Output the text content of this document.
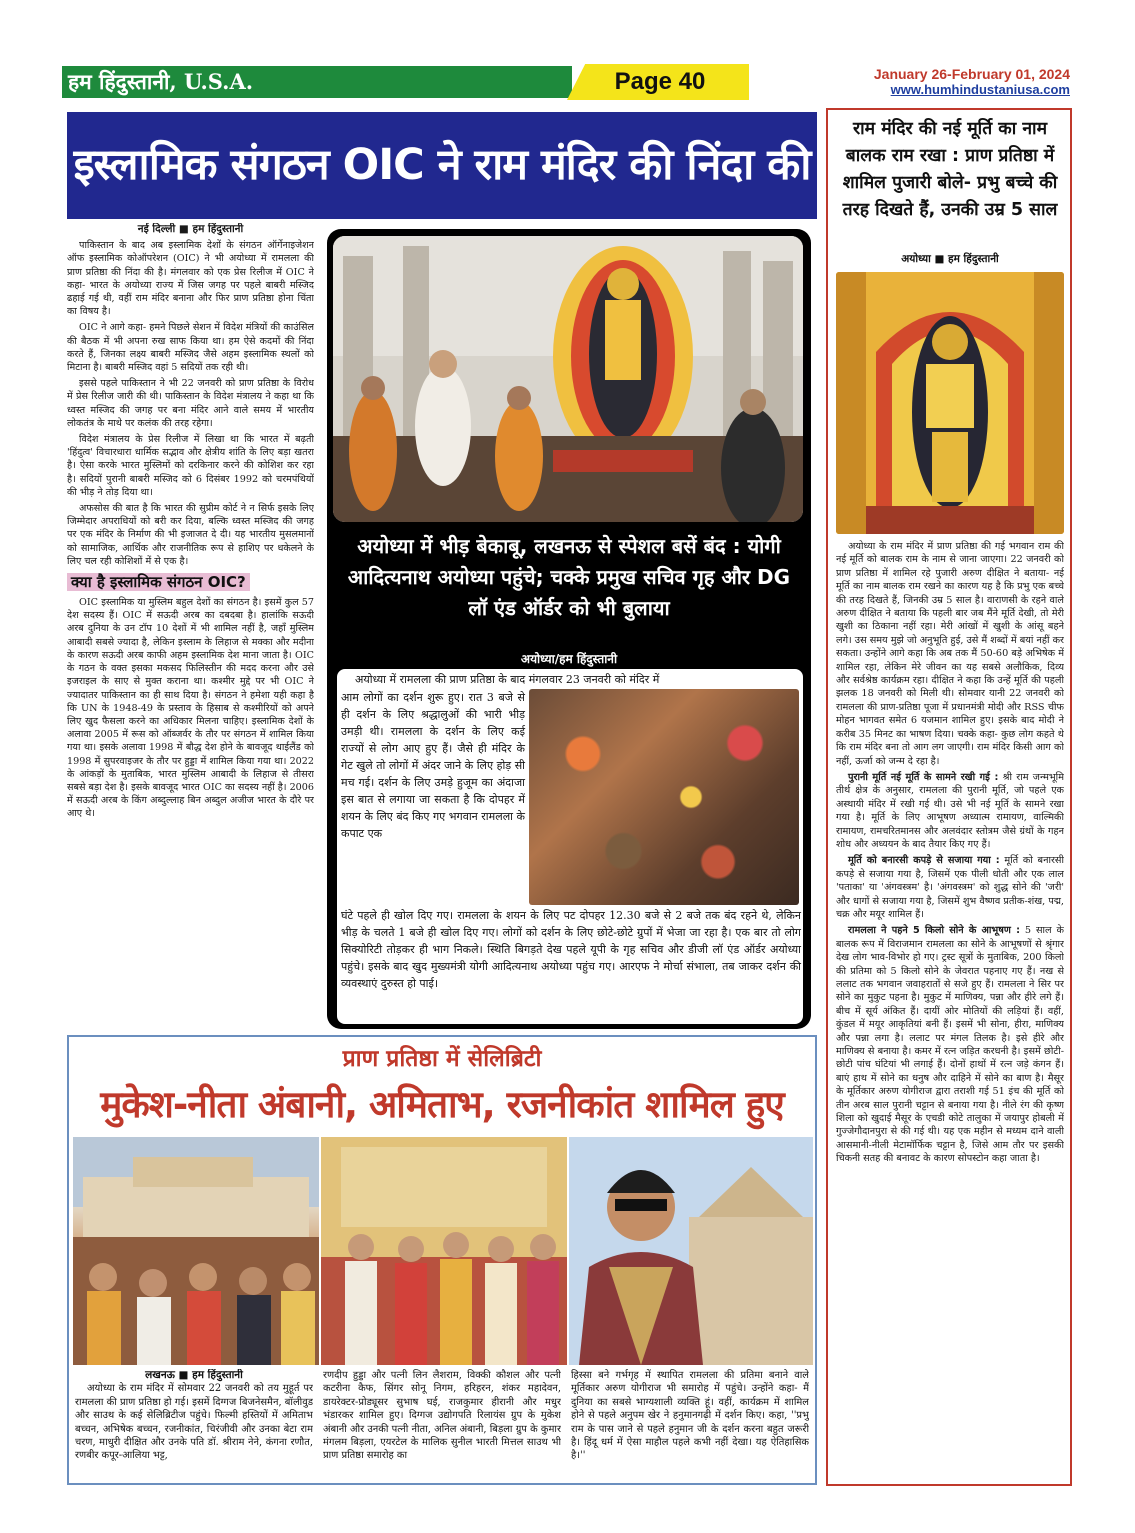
हम हिंदुस्तानी, U.S.A.	Page 40	January 26-February 01, 2024
www.humhindustaniusa.com
इस्लामिक संगठन OIC ने राम मंदिर की निंदा की

नई दिल्ली ■ हम हिंदुस्तानी

पाकिस्तान के बाद अब इस्लामिक देशों के संगठन ऑर्गेनाइजेशन ऑफ इस्लामिक कोऑपरेशन (OIC) ने भी अयोध्या में रामलला की प्राण प्रतिष्ठा की निंदा की है। मंगलवार को एक प्रेस रिलीज में OIC ने कहा- भारत के अयोध्या राज्य में जिस जगह पर पहले बाबरी मस्जिद ढहाई गई थी, वहीं राम मंदिर बनाना और फिर प्राण प्रतिष्ठा होना चिंता का विषय है।

OIC ने आगे कहा- हमने पिछले सेशन में विदेश मंत्रियों की काउंसिल की बैठक में भी अपना रुख साफ किया था। हम ऐसे कदमों की निंदा करते हैं, जिनका लक्ष्य बाबरी मस्जिद जैसे अहम इस्लामिक स्थलों को मिटाना है। बाबरी मस्जिद वहां 5 सदियों तक रही थी।

इससे पहले पाकिस्तान ने भी 22 जनवरी को प्राण प्रतिष्ठा के विरोध में प्रेस रिलीज जारी की थी। पाकिस्तान के विदेश मंत्रालय ने कहा था कि ध्वस्त मस्जिद की जगह पर बना मंदिर आने वाले समय में भारतीय लोकतंत्र के माथे पर कलंक की तरह रहेगा।

विदेश मंत्रालय के प्रेस रिलीज में लिखा था कि भारत में बढ़ती 'हिंदुत्व' विचारधारा धार्मिक सद्भाव और क्षेत्रीय शांति के लिए बड़ा खतरा है। ऐसा करके भारत मुस्लिमों को दरकिनार करने की कोशिश कर रहा है। सदियों पुरानी बाबरी मस्जिद को 6 दिसंबर 1992 को चरमपंथियों की भीड़ ने तोड़ दिया था।

अफसोस की बात है कि भारत की सुप्रीम कोर्ट ने न सिर्फ इसके लिए जिम्मेदार अपराधियों को बरी कर दिया, बल्कि ध्वस्त मस्जिद की जगह पर एक मंदिर के निर्माण की भी इजाजत दे दी। यह भारतीय मुसलमानों को सामाजिक, आर्थिक और राजनीतिक रूप से हाशिए पर धकेलने के लिए चल रही कोशिशों में से एक है।

क्या है इस्लामिक संगठन OIC?

OIC इस्लामिक या मुस्लिम बहुल देशों का संगठन है। इसमें कुल 57 देश सदस्य हैं। OIC में सऊदी अरब का दबदबा है। हालांकि सऊदी अरब दुनिया के उन टॉप 10 देशों में भी शामिल नहीं है, जहाँ मुस्लिम आबादी सबसे ज्यादा है, लेकिन इस्लाम के लिहाज से मक्का और मदीना के कारण सऊदी अरब काफी अहम इस्लामिक देश माना जाता है। OIC के गठन के वक्त इसका मकसद फिलिस्तीन की मदद करना और उसे इजराइल के साए से मुक्त कराना था। कश्मीर मुद्दे पर भी OIC ने ज्यादातर पाकिस्तान का ही साथ दिया है। संगठन ने हमेशा यही कहा है कि UN के 1948-49 के प्रस्ताव के हिसाब से कश्मीरियों को अपने लिए खुद फैसला करने का अधिकार मिलना चाहिए। इस्लामिक देशों के अलावा 2005 में रूस को ऑब्जर्वर के तौर पर संगठन में शामिल किया गया था। इसके अलावा 1998 में बौद्ध देश होने के बावजूद थाईलैंड को 1998 में सुपरवाइजर के तौर पर हुड्डा में शामिल किया गया था। 2022 के आंकड़ों के मुताबिक, भारत मुस्लिम आबादी के लिहाज से तीसरा सबसे बड़ा देश है। इसके बावजूद भारत OIC का सदस्य नहीं है। 2006 में सऊदी अरब के किंग अब्दुल्लाह बिन अब्दुल अजीज भारत के दौरे पर आए थे।

अयोध्या में भीड़ बेकाबू, लखनऊ से स्पेशल बसें बंद : योगी आदित्यनाथ अयोध्या पहुंचे; चक्के प्रमुख सचिव गृह और DG लॉ एंड ऑर्डर को भी बुलाया
अयोध्या/हम हिंदुस्तानी
अयोध्या में रामलला की प्राण प्रतिष्ठा के बाद मंगलवार 23 जनवरी को मंदिर में
आम लोगों का दर्शन शुरू हुए। रात 3 बजे से ही दर्शन के लिए श्रद्धालुओं की भारी भीड़ उमड़ी थी। रामलला के दर्शन के लिए कई राज्यों से लोग आए हुए हैं। जैसे ही मंदिर के गेट खुले तो लोगों में अंदर जाने के लिए होड़ सी मच गई। दर्शन के लिए उमड़े हुजूम का अंदाजा इस बात से लगाया जा सकता है कि दोपहर में शयन के लिए बंद किए गए भगवान रामलला के कपाट एक
घंटे पहले ही खोल दिए गए। रामलला के शयन के लिए पट दोपहर 12.30 बजे से 2 बजे तक बंद रहने थे, लेकिन भीड़ के चलते 1 बजे ही खोल दिए गए। लोगों को दर्शन के लिए छोटे-छोटे ग्रुपों में भेजा जा रहा है। एक बार तो लोग सिक्योरिटी तोड़कर ही भाग निकले। स्थिति बिगड़ते देख पहले यूपी के गृह सचिव और डीजी लॉ एंड ऑर्डर अयोध्या पहुंचे। इसके बाद खुद मुख्यमंत्री योगी आदित्यनाथ अयोध्या पहुंच गए। आरएफ ने मोर्चा संभाला, तब जाकर दर्शन की व्यवस्थाएं दुरुस्त हो पाई।
राम मंदिर की नई मूर्ति का नाम बालक राम रखा : प्राण प्रतिष्ठा में शामिल पुजारी बोले- प्रभु बच्चे की तरह दिखते हैं, उनकी उम्र 5 साल
अयोध्या ■ हम हिंदुस्तानी

अयोध्या के राम मंदिर में प्राण प्रतिष्ठा की गई भगवान राम की नई मूर्ति को बालक राम के नाम से जाना जाएगा। 22 जनवरी को प्राण प्रतिष्ठा में शामिल रहे पुजारी अरुण दीक्षित ने बताया- नई मूर्ति का नाम बालक राम रखने का कारण यह है कि प्रभु एक बच्चे की तरह दिखते हैं, जिनकी उम्र 5 साल है। वाराणसी के रहने वाले अरुण दीक्षित ने बताया कि पहली बार जब मैंने मूर्ति देखी, तो मेरी खुशी का ठिकाना नहीं रहा। मेरी आंखों में खुशी के आंसू बहने लगे। उस समय मुझे जो अनुभूति हुई, उसे मैं शब्दों में बयां नहीं कर सकता। उन्होंने आगे कहा कि अब तक मैं 50-60 बड़े अभिषेक में शामिल रहा, लेकिन मेरे जीवन का यह सबसे अलौकिक, दिव्य और सर्वश्रेष्ठ कार्यक्रम रहा। दीक्षित ने कहा कि उन्हें मूर्ति की पहली झलक 18 जनवरी को मिली थी। सोमवार यानी 22 जनवरी को रामलला की प्राण-प्रतिष्ठा पूजा में प्रधानमंत्री मोदी और RSS चीफ मोहन भागवत समेत 6 यजमान शामिल हुए। इसके बाद मोदी ने करीब 35 मिनट का भाषण दिया। चक्के कहा- कुछ लोग कहते थे कि राम मंदिर बना तो आग लग जाएगी। राम मंदिर किसी आग को नहीं, ऊर्जा को जन्म दे रहा है।

पुरानी मूर्ति नई मूर्ति के सामने रखी गई : श्री राम जन्मभूमि तीर्थ क्षेत्र के अनुसार, रामलला की पुरानी मूर्ति, जो पहले एक अस्थायी मंदिर में रखी गई थी। उसे भी नई मूर्ति के सामने रखा गया है। मूर्ति के लिए आभूषण अध्यात्म रामायण, वाल्मिकी रामायण, रामचरितमानस और अलवंदार स्तोत्रम जैसे ग्रंथों के गहन शोध और अध्ययन के बाद तैयार किए गए हैं।

मूर्ति को बनारसी कपड़े से सजाया गया : मूर्ति को बनारसी कपड़े से सजाया गया है, जिसमें एक पीली धोती और एक लाल 'पताका' या 'अंगवस्त्रम' है। 'अंगवस्त्रम' को शुद्ध सोने की 'जरी' और धागों से सजाया गया है, जिसमें शुभ वैष्णव प्रतीक-शंख, पद्म, चक्र और मयूर शामिल हैं।

रामलला ने पहने 5 किलो सोने के आभूषण : 5 साल के बालक रूप में विराजमान रामलला का सोने के आभूषणों से श्रृंगार देख लोग भाव-विभोर हो गए। ट्रस्ट सूत्रों के मुताबिक, 200 किलो की प्रतिमा को 5 किलो सोने के जेवरात पहनाए गए हैं। नख से ललाट तक भगवान जवाहरातों से सजे हुए हैं। रामलला ने सिर पर सोने का मुकुट पहना है। मुकुट में माणिक्य, पन्ना और हीरे लगे हैं। बीच में सूर्य अंकित हैं। दायीं ओर मोतियों की लड़ियां हैं। वहीं, कुंडल में मयूर आकृतियां बनी हैं। इसमें भी सोना, हीरा, माणिक्य और पन्ना लगा है। ललाट पर मंगल तिलक है। इसे हीरे और माणिक्य से बनाया है। कमर में रत्न जड़ित करधनी है। इसमें छोटी-छोटी पांच घंटियां भी लगाई हैं। दोनों हाथों में रत्न जड़े कंगन हैं। बाएं हाथ में सोने का धनुष और दाहिने में सोने का बाण है। मैसूर के मूर्तिकार अरुण योगीराज द्वारा तराशी गई 51 इंच की मूर्ति को तीन अरब साल पुरानी चट्टान से बनाया गया है। नीले रंग की कृष्ण शिला को खुदाई मैसूर के एचडी कोटे तालुका में जयापुर होबली में गुज्जेगौदानपुरा से की गई थी। यह एक महीन से मध्यम दाने वाली आसमानी-नीली मेटामॉर्फिक चट्टान है, जिसे आम तौर पर इसकी चिकनी सतह की बनावट के कारण सोपस्टोन कहा जाता है।

प्राण प्रतिष्ठा में सेलिब्रिटी
मुकेश-नीता अंबानी, अमिताभ, रजनीकांत शामिल हुए

लखनऊ ■ हम हिंदुस्तानी

अयोध्या के राम मंदिर में सोमवार 22 जनवरी को तय मुहूर्त पर रामलला की प्राण प्रतिष्ठा हो गई। इसमें दिग्गज बिजनेसमैन, बॉलीवुड और साउथ के कई सेलिब्रिटीज पहुंचे। फिल्मी हस्तियों में अमिताभ बच्चन, अभिषेक बच्चन, रजनीकांत, चिरंजीवी और उनका बेटा राम चरण, माधुरी दीक्षित और उनके पति डॉ. श्रीराम नेने, कंगना रणौत, रणबीर कपूर-आलिया भट्ट,

रणदीप हुड्डा और पत्नी लिन लैशराम, विक्की कौशल और पत्नी कटरीना कैफ, सिंगर सोनू निगम, हरिहरन, शंकर महादेवन, डायरेक्टर-प्रोड्यूसर सुभाष घई, राजकुमार हीरानी और मधुर भंडारकर शामिल हुए। दिग्गज उद्योगपति रिलायंस ग्रुप के मुकेश अंबानी और उनकी पत्नी नीता, अनिल अंबानी, बिड़ला ग्रुप के कुमार मंगलम बिड़ला, एयरटेल के मालिक सुनील भारती मित्तल साउथ भी प्राण प्रतिष्ठा समारोह का

हिस्सा बने गर्भगृह में स्थापित रामलला की प्रतिमा बनाने वाले मूर्तिकार अरुण योगीराज भी समारोह में पहुंचे। उन्होंने कहा- मैं दुनिया का सबसे भाग्यशाली व्यक्ति हूं। वहीं, कार्यक्रम में शामिल होने से पहले अनुपम खेर ने हनुमानगढ़ी में दर्शन किए। कहा, ''प्रभु राम के पास जाने से पहले हनुमान जी के दर्शन करना बहुत जरूरी है। हिंदू धर्म में ऐसा माहौल पहले कभी नहीं देखा। यह ऐतिहासिक है।''
